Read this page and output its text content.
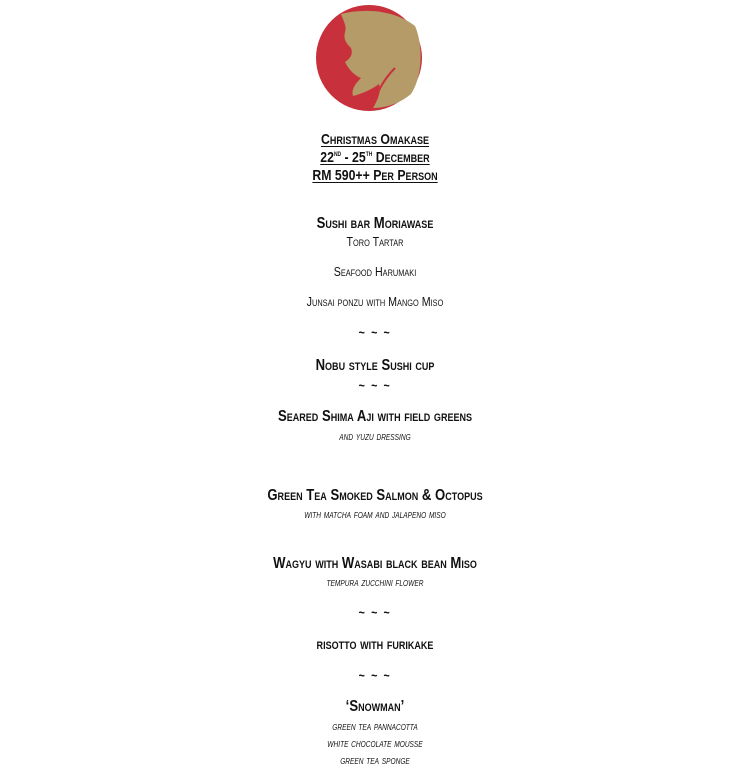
Christmas Omakase
22nd - 25th December
RM 590++ Per Person
Sushi bar Moriawase
Toro Tartar
Seafood Harumaki
Junsai ponzu with Mango Miso
~ ~ ~
Nobu style Sushi cup
~ ~ ~
Seared Shima Aji with field greens
and yuzu dressing
Green Tea Smoked Salmon & Octopus
with matcha foam and jalapeno miso
Wagyu with Wasabi black bean Miso
tempura zucchini flower
~ ~ ~
risotto with furikake
~ ~ ~
‘Snowman’
green tea pannacotta
white chocolate mousse
green tea sponge
